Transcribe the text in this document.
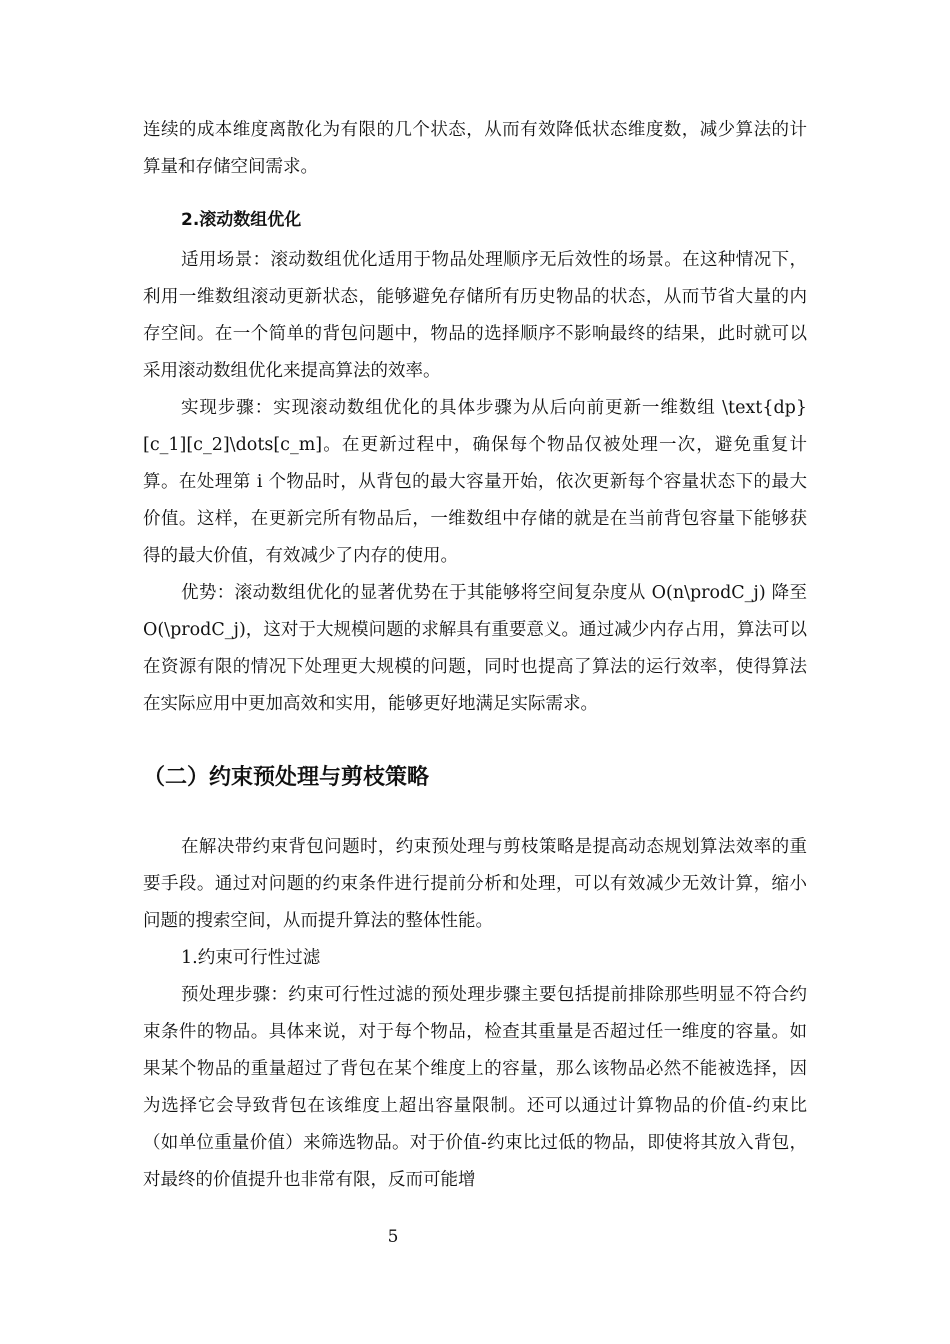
连续的成本维度离散化为有限的几个状态，从而有效降低状态维度数，减少算法的计算量和存储空间需求。

2.滚动数组优化

适用场景：滚动数组优化适用于物品处理顺序无后效性的场景。在这种情况下，利用一维数组滚动更新状态，能够避免存储所有历史物品的状态，从而节省大量的内存空间。在一个简单的背包问题中，物品的选择顺序不影响最终的结果，此时就可以采用滚动数组优化来提高算法的效率。

实现步骤：实现滚动数组优化的具体步骤为从后向前更新一维数组 \text{dp}[c_1][c_2]\dots[c_m]。在更新过程中，确保每个物品仅被处理一次，避免重复计算。在处理第 i 个物品时，从背包的最大容量开始，依次更新每个容量状态下的最大价值。这样，在更新完所有物品后，一维数组中存储的就是在当前背包容量下能够获得的最大价值，有效减少了内存的使用。

优势：滚动数组优化的显著优势在于其能够将空间复杂度从 O(n\prodC_j) 降至 O(\prodC_j)，这对于大规模问题的求解具有重要意义。通过减少内存占用，算法可以在资源有限的情况下处理更大规模的问题，同时也提高了算法的运行效率，使得算法在实际应用中更加高效和实用，能够更好地满足实际需求。

（二）约束预处理与剪枝策略

在解决带约束背包问题时，约束预处理与剪枝策略是提高动态规划算法效率的重要手段。通过对问题的约束条件进行提前分析和处理，可以有效减少无效计算，缩小问题的搜索空间，从而提升算法的整体性能。

1.约束可行性过滤

预处理步骤：约束可行性过滤的预处理步骤主要包括提前排除那些明显不符合约束条件的物品。具体来说，对于每个物品，检查其重量是否超过任一维度的容量。如果某个物品的重量超过了背包在某个维度上的容量，那么该物品必然不能被选择，因为选择它会导致背包在该维度上超出容量限制。还可以通过计算物品的价值-约束比（如单位重量价值）来筛选物品。对于价值-约束比过低的物品，即使将其放入背包，对最终的价值提升也非常有限，反而可能增

5
